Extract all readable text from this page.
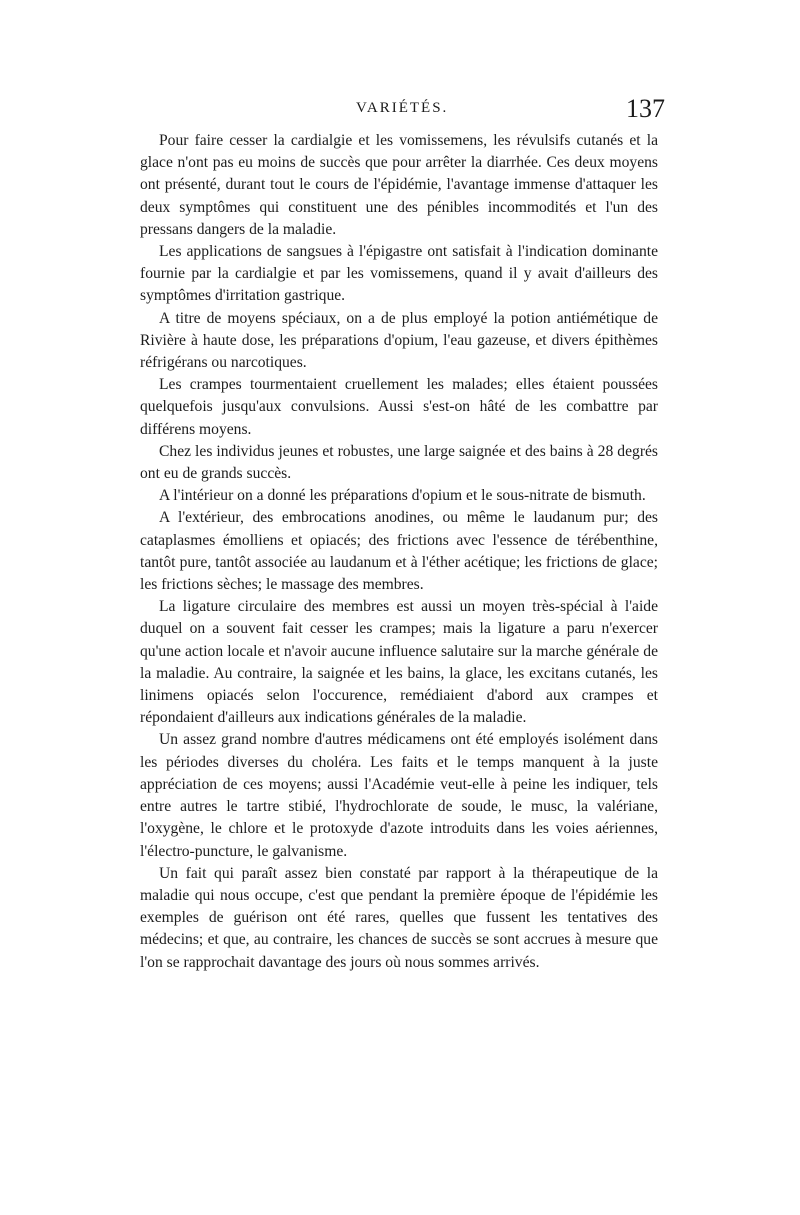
VARIÉTÉS.	137

Pour faire cesser la cardialgie et les vomissemens, les révulsifs cutanés et la glace n'ont pas eu moins de succès que pour arrêter la diarrhée. Ces deux moyens ont présenté, durant tout le cours de l'épidémie, l'avantage immense d'attaquer les deux symptômes qui constituent une des pénibles incommodités et l'un des pressans dangers de la maladie.

Les applications de sangsues à l'épigastre ont satisfait à l'indication dominante fournie par la cardialgie et par les vomissemens, quand il y avait d'ailleurs des symptômes d'irritation gastrique.

A titre de moyens spéciaux, on a de plus employé la potion antiémétique de Rivière à haute dose, les préparations d'opium, l'eau gazeuse, et divers épithèmes réfrigérans ou narcotiques.

Les crampes tourmentaient cruellement les malades; elles étaient poussées quelquefois jusqu'aux convulsions. Aussi s'est-on hâté de les combattre par différens moyens.

Chez les individus jeunes et robustes, une large saignée et des bains à 28 degrés ont eu de grands succès.

A l'intérieur on a donné les préparations d'opium et le sous-nitrate de bismuth.

A l'extérieur, des embrocations anodines, ou même le laudanum pur; des cataplasmes émolliens et opiacés; des frictions avec l'essence de térébenthine, tantôt pure, tantôt associée au laudanum et à l'éther acétique; les frictions de glace; les frictions sèches; le massage des membres.

La ligature circulaire des membres est aussi un moyen très-spécial à l'aide duquel on a souvent fait cesser les crampes; mais la ligature a paru n'exercer qu'une action locale et n'avoir aucune influence salutaire sur la marche générale de la maladie. Au contraire, la saignée et les bains, la glace, les excitans cutanés, les linimens opiacés selon l'occurence, remédiaient d'abord aux crampes et répondaient d'ailleurs aux indications générales de la maladie.

Un assez grand nombre d'autres médicamens ont été employés isolément dans les périodes diverses du choléra. Les faits et le temps manquent à la juste appréciation de ces moyens; aussi l'Académie veut-elle à peine les indiquer, tels entre autres le tartre stibié, l'hydrochlorate de soude, le musc, la valériane, l'oxygène, le chlore et le protoxyde d'azote introduits dans les voies aériennes, l'électro-puncture, le galvanisme.

Un fait qui paraît assez bien constaté par rapport à la thérapeutique de la maladie qui nous occupe, c'est que pendant la première époque de l'épidémie les exemples de guérison ont été rares, quelles que fussent les tentatives des médecins; et que, au contraire, les chances de succès se sont accrues à mesure que l'on se rapprochait davantage des jours où nous sommes arrivés.
